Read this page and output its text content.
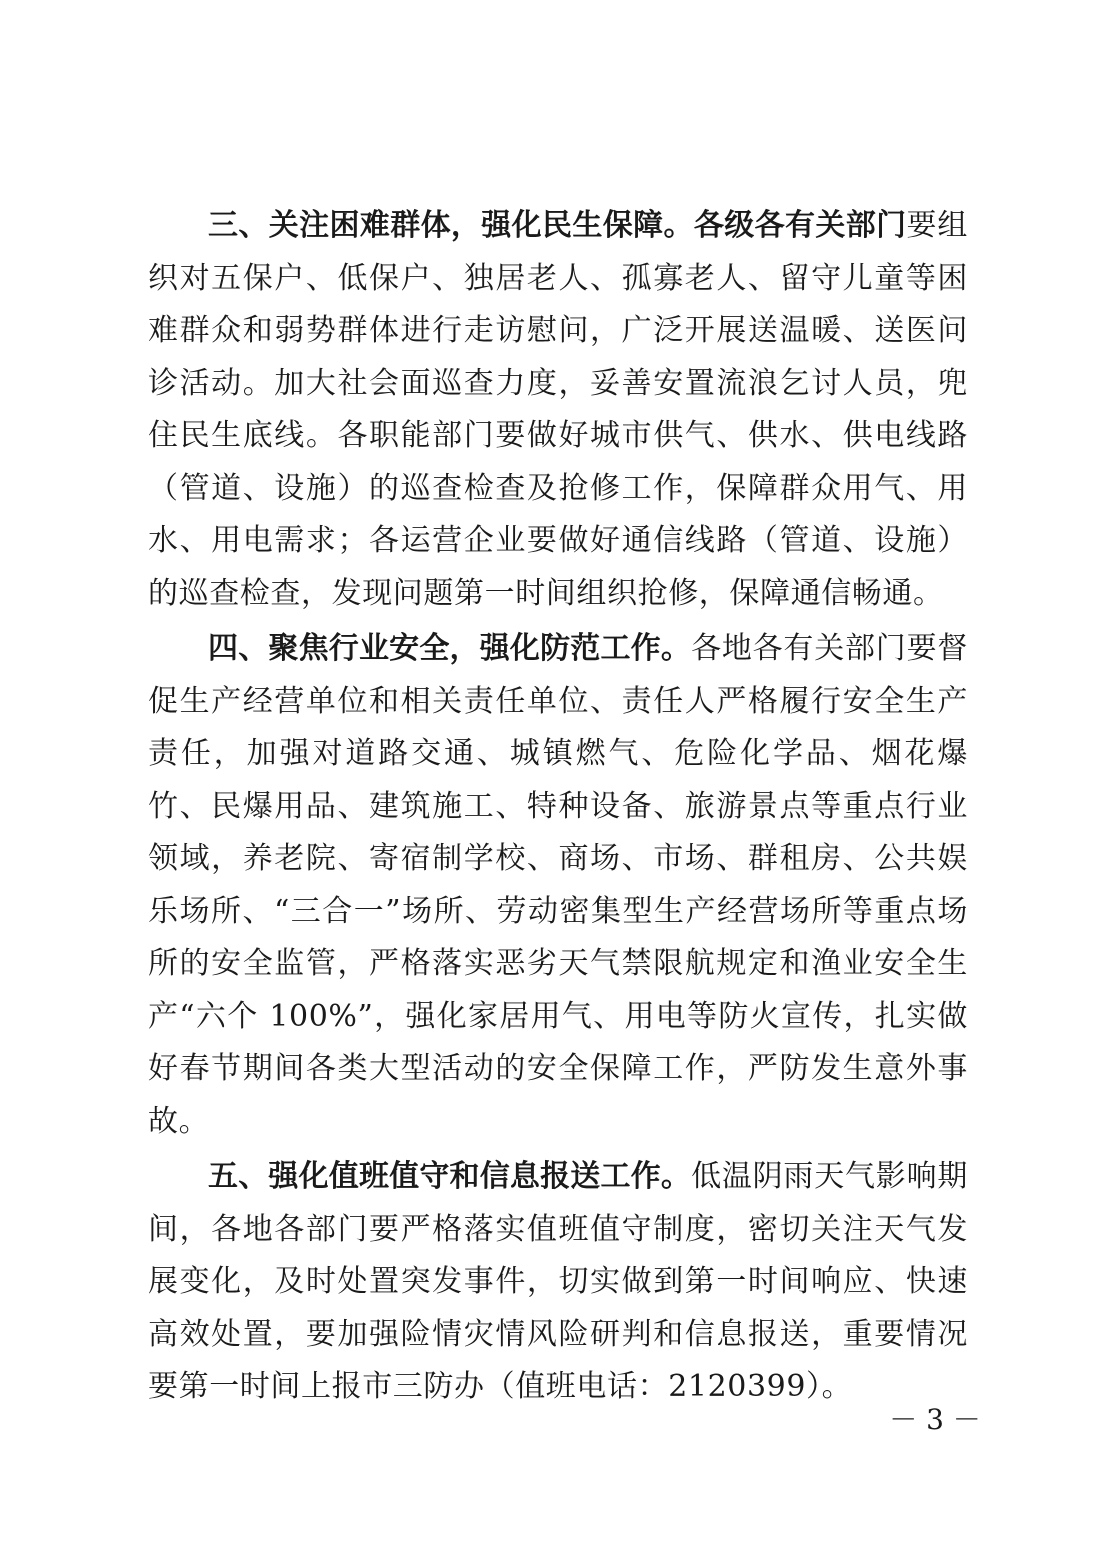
三、关注困难群体，强化民生保障。各级各有关部门要组织对五保户、低保户、独居老人、孤寡老人、留守儿童等困难群众和弱势群体进行走访慰问，广泛开展送温暖、送医问诊活动。加大社会面巡查力度，妥善安置流浪乞讨人员，兜住民生底线。各职能部门要做好城市供气、供水、供电线路（管道、设施）的巡查检查及抢修工作，保障群众用气、用水、用电需求；各运营企业要做好通信线路（管道、设施）的巡查检查，发现问题第一时间组织抢修，保障通信畅通。

四、聚焦行业安全，强化防范工作。各地各有关部门要督促生产经营单位和相关责任单位、责任人严格履行安全生产责任，加强对道路交通、城镇燃气、危险化学品、烟花爆竹、民爆用品、建筑施工、特种设备、旅游景点等重点行业领域，养老院、寄宿制学校、商场、市场、群租房、公共娱乐场所、“三合一”场所、劳动密集型生产经营场所等重点场所的安全监管，严格落实恶劣天气禁限航规定和渔业安全生产“六个 100%”，强化家居用气、用电等防火宣传，扎实做好春节期间各类大型活动的安全保障工作，严防发生意外事故。

五、强化值班值守和信息报送工作。低温阴雨天气影响期间，各地各部门要严格落实值班值守制度，密切关注天气发展变化，及时处置突发事件，切实做到第一时间响应、快速高效处置，要加强险情灾情风险研判和信息报送，重要情况要第一时间上报市三防办（值班电话：2120399）。

－ 3 －
